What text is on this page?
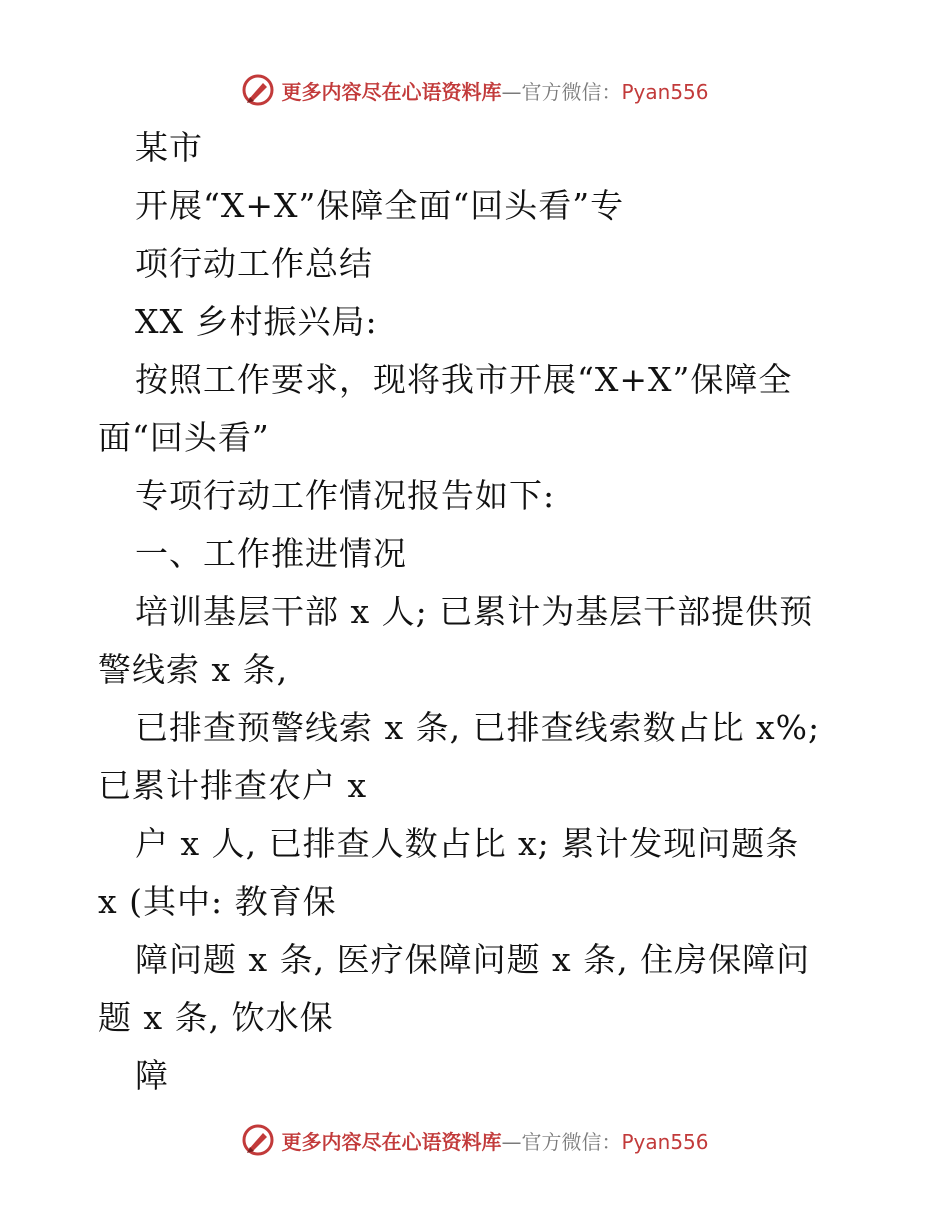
更多内容尽在心语资料库—官方微信：Pyan556
某市
开展“X+X”保障全面“回头看”专
项行动工作总结
XX 乡村振兴局:
按照工作要求，现将我市开展“X+X”保障全
面“回头看”
专项行动工作情况报告如下:
一、工作推进情况
培训基层干部 x 人; 已累计为基层干部提供预
警线索 x 条,
已排查预警线索 x 条, 已排查线索数占比 x%;
已累计排查农户 x
户 x 人, 已排查人数占比 x; 累计发现问题条
x (其中: 教育保
障问题 x 条, 医疗保障问题 x 条, 住房保障问
题 x 条, 饮水保
障
更多内容尽在心语资料库—官方微信：Pyan556
